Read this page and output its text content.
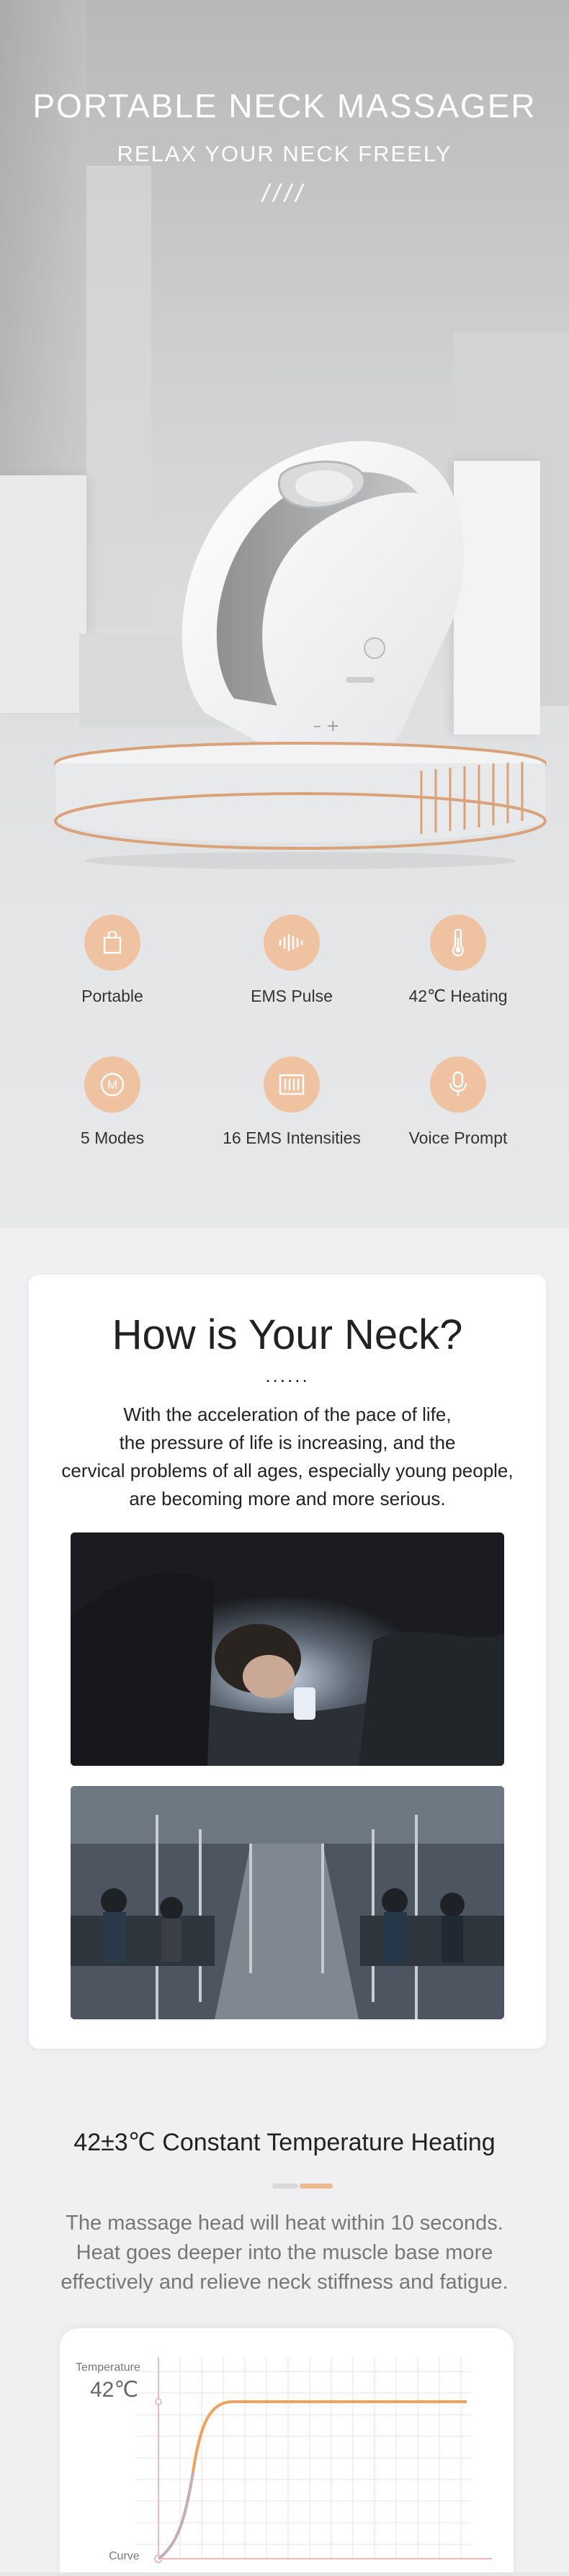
PORTABLE NECK MASSAGER
RELAX YOUR NECK FREELY
////
– +
Portable	EMS Pulse	42℃ Heating
M
5 Modes	16 EMS Intensities	Voice Prompt
How is Your Neck?
......
With the acceleration of the pace of life,
the pressure of life is increasing, and the
cervical problems of all ages, especially young people,
are becoming more and more serious.
42±3℃ Constant Temperature Heating
The massage head will heat within 10 seconds.
Heat goes deeper into the muscle base more
effectively and relieve neck stiffness and fatigue.
Temperature
42℃
Curve
